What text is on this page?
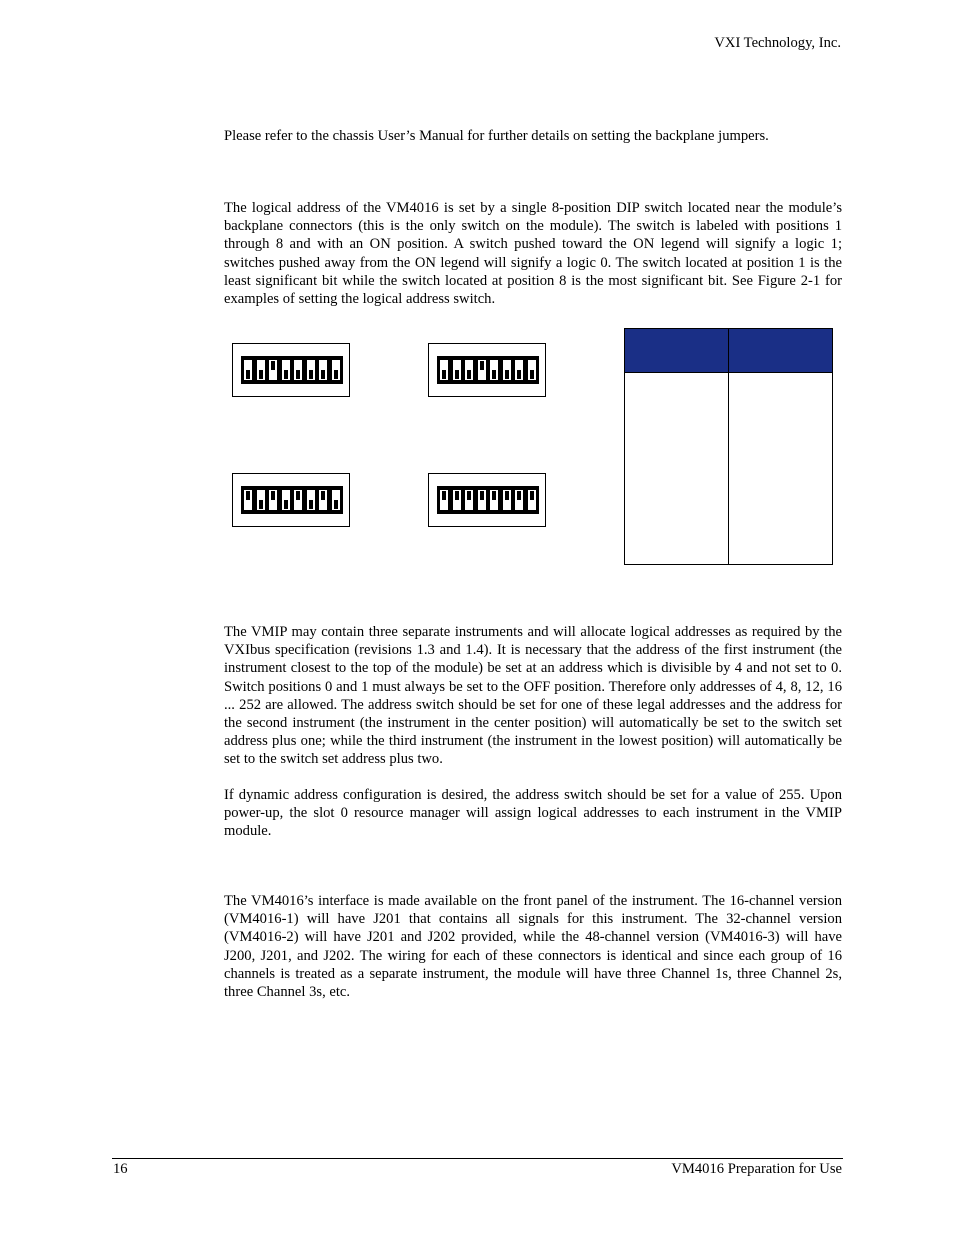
VXI Technology, Inc.

Please refer to the chassis User’s Manual for further details on setting the backplane jumpers.

The logical address of the VM4016 is set by a single 8-position DIP switch located near the module’s backplane connectors (this is the only switch on the module). The switch is labeled with positions 1 through 8 and with an ON position. A switch pushed toward the ON legend will signify a logic 1; switches pushed away from the ON legend will signify a logic 0. The switch located at position 1 is the least significant bit while the switch located at position 8 is the most significant bit. See Figure 2-1 for examples of setting the logical address switch.

The VMIP may contain three separate instruments and will allocate logical addresses as required by the VXIbus specification (revisions 1.3 and 1.4). It is necessary that the address of the first instrument (the instrument closest to the top of the module) be set at an address which is divisible by 4 and not set to 0. Switch positions 0 and 1 must always be set to the OFF position. Therefore only addresses of 4, 8, 12, 16 ... 252 are allowed. The address switch should be set for one of these legal addresses and the address for the second instrument (the instrument in the center position) will automatically be set to the switch set address plus one; while the third instrument (the instrument in the lowest position) will automatically be set to the switch set address plus two.

If dynamic address configuration is desired, the address switch should be set for a value of 255. Upon power-up, the slot 0 resource manager will assign logical addresses to each instrument in the VMIP module.

The VM4016’s interface is made available on the front panel of the instrument. The 16-channel version (VM4016-1) will have J201 that contains all signals for this instrument. The 32-channel version (VM4016-2) will have J201 and J202 provided, while the 48-channel version (VM4016-3) will have J200, J201, and J202. The wiring for each of these connectors is identical and since each group of 16 channels is treated as a separate instrument, the module will have three Channel 1s, three Channel 2s, three Channel 3s, etc.

16	VM4016 Preparation for Use
